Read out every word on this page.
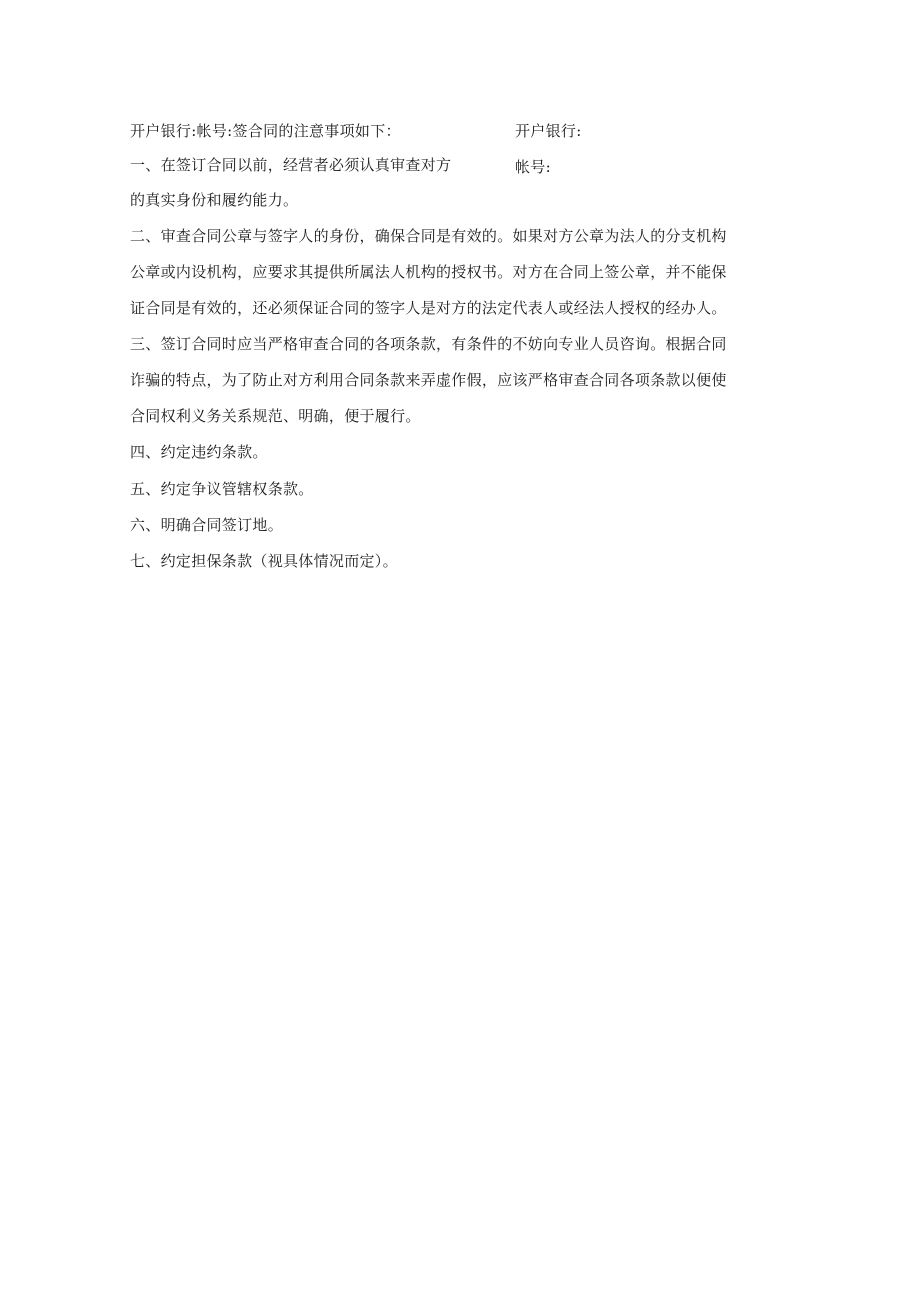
开户银行:帐号:签合同的注意事项如下：	开户银行:
一、在签订合同以前，经营者必须认真审查对方	帐号:
的真实身份和履约能力。
二、审查合同公章与签字人的身份，确保合同是有效的。如果对方公章为法人的分支机构
公章或内设机构，应要求其提供所属法人机构的授权书。对方在合同上签公章，并不能保
证合同是有效的，还必须保证合同的签字人是对方的法定代表人或经法人授权的经办人。
三、签订合同时应当严格审查合同的各项条款，有条件的不妨向专业人员咨询。根据合同
诈骗的特点，为了防止对方利用合同条款来弄虚作假，应该严格审查合同各项条款以便使
合同权利义务关系规范、明确，便于履行。
四、约定违约条款。
五、约定争议管辖权条款。
六、明确合同签订地。
七、约定担保条款（视具体情况而定）。
